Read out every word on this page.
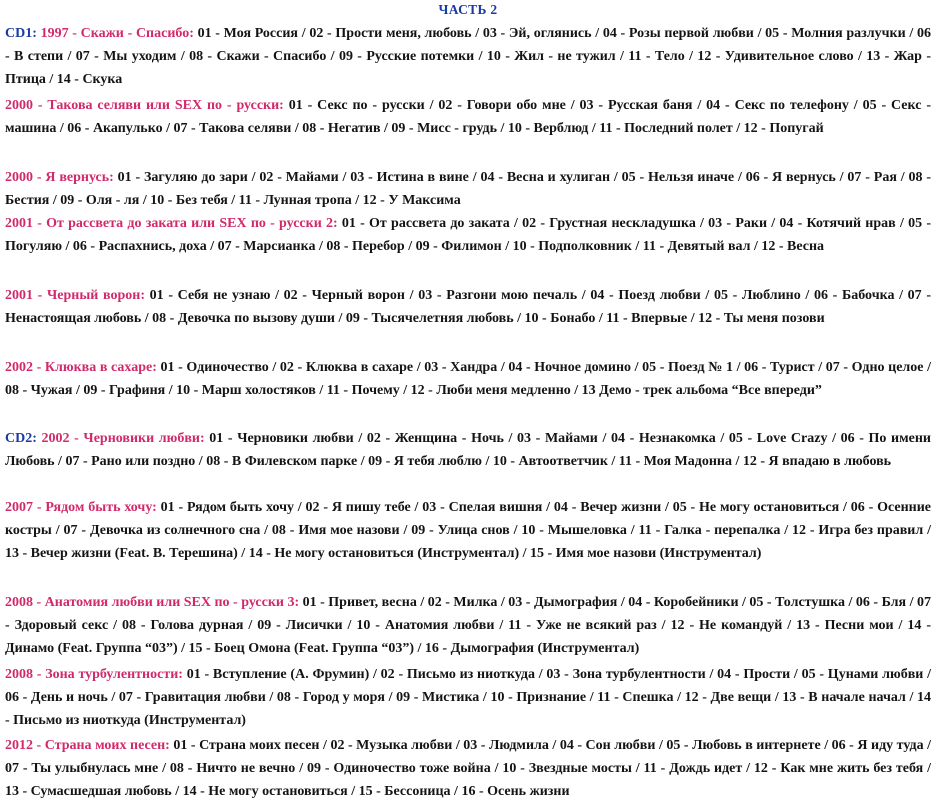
ЧАСТЬ 2
CD1: 1997 - Скажи - Спасибо: 01 - Моя Россия / 02 - Прости меня, любовь / 03 - Эй, оглянись / 04 - Розы первой любви / 05 - Молния разлучки / 06 - В степи / 07 - Мы уходим / 08 - Скажи - Спасибо / 09 - Русские потемки / 10 - Жил - не тужил / 11 - Тело / 12 - Удивительное слово / 13 - Жар - Птица / 14 - Скука
2000 - Такова селяви или SEX по - русски: 01 - Секс по - русски / 02 - Говори обо мне / 03 - Русская баня / 04 - Секс по телефону / 05 - Секс - машина / 06 - Акапулько / 07 - Такова селяви / 08 - Негатив / 09 - Мисс - грудь / 10 - Верблюд / 11 - Последний полет / 12 - Попугай
2000 - Я вернусь: 01 - Загуляю до зари / 02 - Майами / 03 - Истина в вине / 04 - Весна и хулиган / 05 - Нельзя иначе / 06 - Я вернусь / 07 - Рая / 08 - Бестия / 09 - Оля - ля / 10 - Без тебя / 11 - Лунная тропа / 12 - У Максима
2001 - От рассвета до заката или SEX по - русски 2: 01 - От рассвета до заката / 02 - Грустная нескладушка / 03 - Раки / 04 - Котячий нрав / 05 - Погуляю / 06 - Распахнись, доха / 07 - Марсианка / 08 - Перебор / 09 - Филимон / 10 - Подполковник / 11 - Девятый вал / 12 - Весна
2001 - Черный ворон: 01 - Себя не узнаю / 02 - Черный ворон / 03 - Разгони мою печаль / 04 - Поезд любви / 05 - Люблино / 06 - Бабочка / 07 - Ненастоящая любовь / 08 - Девочка по вызову души / 09 - Тысячелетняя любовь / 10 - Бонабо / 11 - Впервые / 12 - Ты меня позови
2002 - Клюква в сахаре: 01 - Одиночество / 02 - Клюква в сахаре / 03 - Хандра / 04 - Ночное домино / 05 - Поезд № 1 / 06 - Турист / 07 - Одно целое / 08 - Чужая / 09 - Графиня / 10 - Марш холостяков / 11 - Почему / 12 - Люби меня медленно / 13 Демо - трек альбома “Все впереди”
CD2: 2002 - Черновики любви: 01 - Черновики любви / 02 - Женщина - Ночь / 03 - Майами / 04 - Незнакомка / 05 - Love Crazy / 06 - По имени Любовь / 07 - Рано или поздно / 08 - В Филевском парке / 09 - Я тебя люблю / 10 - Автоответчик / 11 - Моя Мадонна / 12 - Я впадаю в любовь
2007 - Рядом быть хочу: 01 - Рядом быть хочу / 02 - Я пишу тебе / 03 - Спелая вишня / 04 - Вечер жизни / 05 - Не могу остановиться / 06 - Осенние костры / 07 - Девочка из солнечного сна / 08 - Имя мое назови / 09 - Улица снов / 10 - Мышеловка / 11 - Галка - перепалка / 12 - Игра без правил / 13 - Вечер жизни (Feat. В. Терешина) / 14 - Не могу остановиться (Инструментал) / 15 - Имя мое назови (Инструментал)
2008 - Анатомия любви или SEX по - русски 3: 01 - Привет, весна / 02 - Милка / 03 - Дымография / 04 - Коробейники / 05 - Толстушка / 06 - Бля / 07 - Здоровый секс / 08 - Голова дурная / 09 - Лисички / 10 - Анатомия любви / 11 - Уже не всякий раз / 12 - Не командуй / 13 - Песни мои / 14 - Динамо (Feat. Группа “03”) / 15 - Боец Омона (Feat. Группа “03”) / 16 - Дымография (Инструментал)
2008 - Зона турбулентности: 01 - Вступление (А. Фрумин) / 02 - Письмо из ниоткуда / 03 - Зона турбулентности / 04 - Прости / 05 - Цунами любви / 06 - День и ночь / 07 - Гравитация любви / 08 - Город у моря / 09 - Мистика / 10 - Признание / 11 - Спешка / 12 - Две вещи / 13 - В начале начал / 14 - Письмо из ниоткуда (Инструментал)
2012 - Страна моих песен: 01 - Страна моих песен / 02 - Музыка любви / 03 - Людмила / 04 - Сон любви / 05 - Любовь в интернете / 06 - Я иду туда / 07 - Ты улыбнулась мне / 08 - Ничто не вечно / 09 - Одиночество тоже война / 10 - Звездные мосты / 11 - Дождь идет / 12 - Как мне жить без тебя / 13 - Сумасшедшая любовь / 14 - Не могу остановиться / 15 - Бессоница / 16 - Осень жизни
